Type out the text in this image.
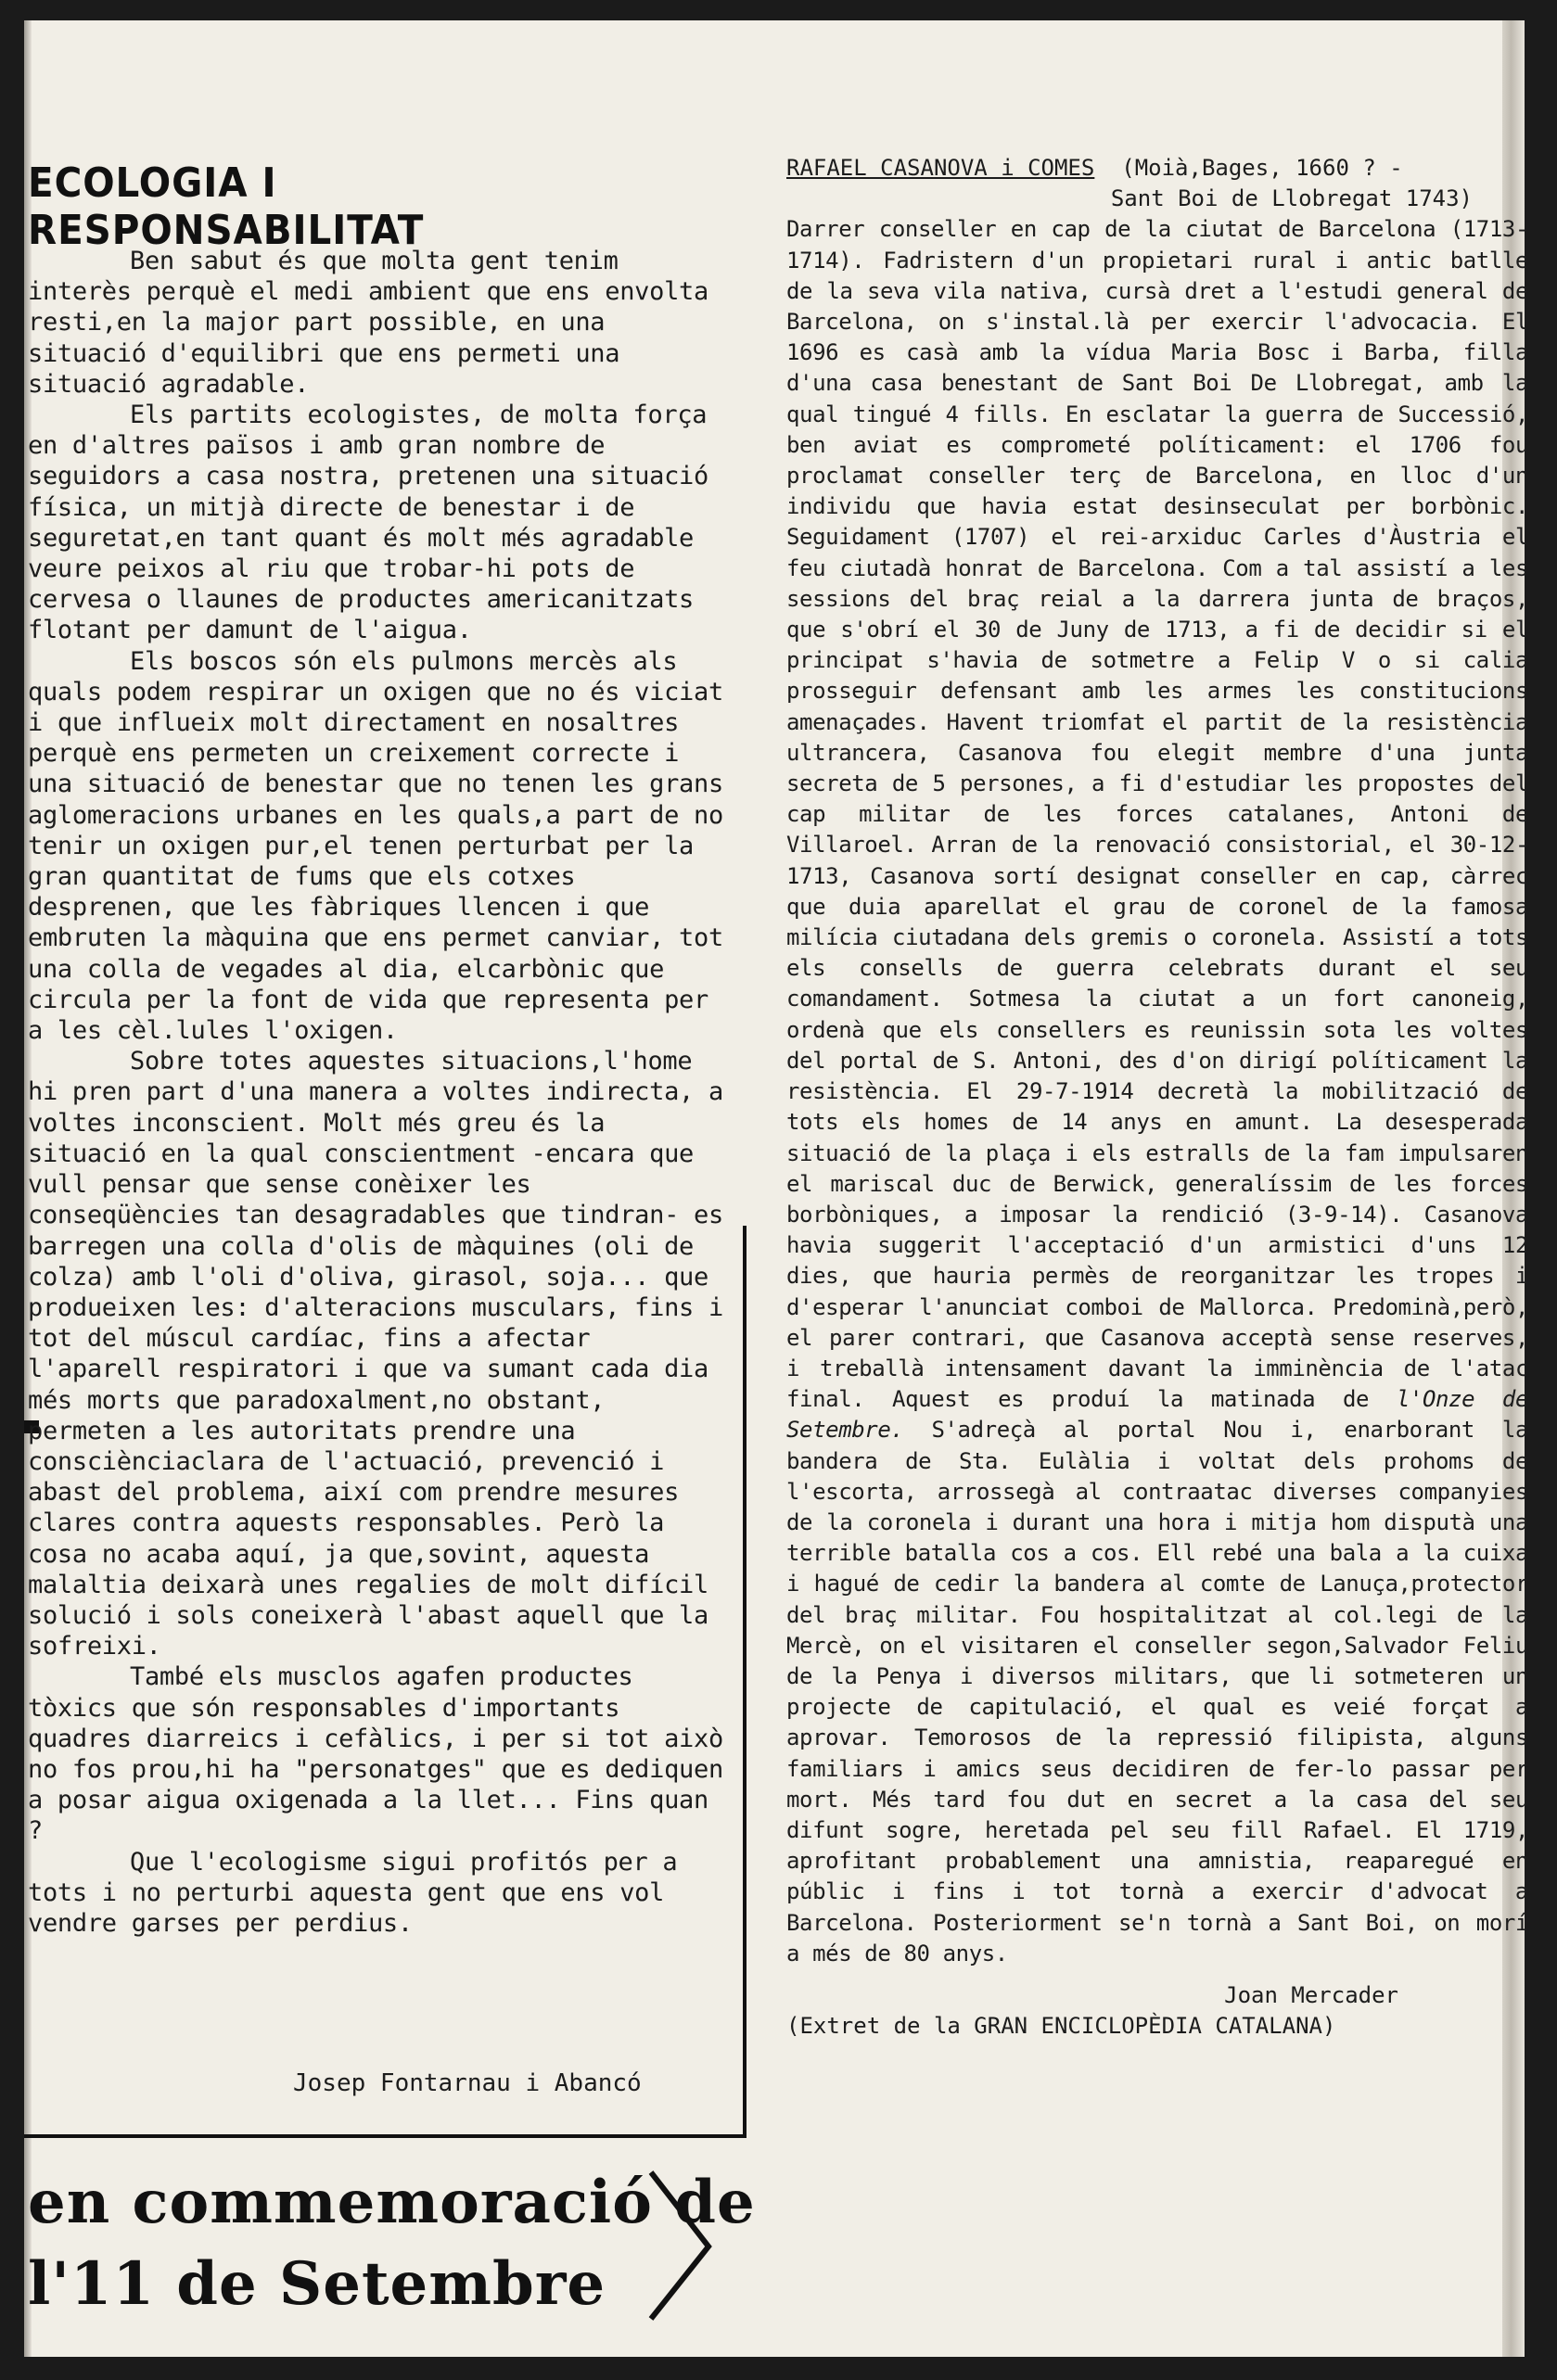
ECOLOGIA I RESPONSABILITAT

Ben sabut és que molta gent tenim interès perquè el medi ambient que ens envolta resti,en la major part possible, en una situació d'equilibri que ens permeti una situació agradable.

Els partits ecologistes, de molta força en d'altres països i amb gran nombre de seguidors a casa nostra, pretenen una situació física, un mitjà directe de benestar i de seguretat,en tant quant és molt més agradable veure peixos al riu que trobar-hi pots de cervesa o llaunes de productes americanitzats flotant per damunt de l'aigua.

Els boscos són els pulmons mercès als quals podem respirar un oxigen que no és viciat i que influeix molt directament en nosaltres perquè ens permeten un creixement correcte i una situació de benestar que no tenen les grans aglomeracions urbanes en les quals,a part de no tenir un oxigen pur,el tenen perturbat per la gran quantitat de fums que els cotxes desprenen, que les fàbriques llencen i que embruten la màquina que ens permet canviar, tot una colla de vegades al dia, elcarbònic que circula per la font de vida que representa per a les cèl.lules l'oxigen.

Sobre totes aquestes situacions,l'home hi pren part d'una manera a voltes indirecta, a voltes inconscient. Molt més greu és la situació en la qual conscientment -encara que vull pensar que sense conèixer les conseqüències tan desagradables que tindran- es barregen una colla d'olis de màquines (oli de colza) amb l'oli d'oliva, girasol, soja... que produeixen les: d'alteracions musculars, fins i tot del múscul cardíac, fins a afectar l'aparell respiratori i que va sumant cada dia més morts que paradoxalment,no obstant, permeten a les autoritats prendre una consciènciaclara de l'actuació, prevenció i abast del problema, així com prendre mesures clares contra aquests responsables. Però la cosa no acaba aquí, ja que,sovint, aquesta malaltia deixarà unes regalies de molt difícil solució i sols coneixerà l'abast aquell que la sofreixi.

També els musclos agafen productes tòxics que són responsables d'importants quadres diarreics i cefàlics, i per si tot això no fos prou,hi ha "personatges" que es dediquen a posar aigua oxigenada a la llet... Fins quan ?

Que l'ecologisme sigui profitós per a tots i no perturbi aquesta gent que ens vol vendre garses per perdius.

Josep Fontarnau i Abancó
en commemoració de
l'11 de Setembre
RAFAEL CASANOVA i COMES (Moià,Bages, 1660 ? -
Sant Boi de Llobregat 1743)

Darrer conseller en cap de la ciutat de Barcelona (1713-1714). Fadristern d'un propietari rural i antic batlle de la seva vila nativa, cursà dret a l'estudi general de Barcelona, on s'instal.là per exercir l'advocacia. El 1696 es casà amb la vídua Maria Bosc i Barba, filla d'una casa benestant de Sant Boi De Llobregat, amb la qual tingué 4 fills. En esclatar la guerra de Successió, ben aviat es comprometé políticament: el 1706 fou proclamat conseller terç de Barcelona, en lloc d'un individu que havia estat desinseculat per borbònic. Seguidament (1707) el rei-arxiduc Carles d'Àustria el feu ciutadà honrat de Barcelona. Com a tal assistí a les sessions del braç reial a la darrera junta de braços, que s'obrí el 30 de Juny de 1713, a fi de decidir si el principat s'havia de sotmetre a Felip V o si calia prosseguir defensant amb les armes les constitucions amenaçades. Havent triomfat el partit de la resistència ultrancera, Casanova fou elegit membre d'una junta secreta de 5 persones, a fi d'estudiar les propostes del cap militar de les forces catalanes, Antoni de Villaroel. Arran de la renovació consistorial, el 30-12-1713, Casanova sortí designat conseller en cap, càrrec que duia aparellat el grau de coronel de la famosa milícia ciutadana dels gremis o coronela. Assistí a tots els consells de guerra celebrats durant el seu comandament. Sotmesa la ciutat a un fort canoneig, ordenà que els consellers es reunissin sota les voltes del portal de S. Antoni, des d'on dirigí políticament la resistència. El 29-7-1914 decretà la mobilització de tots els homes de 14 anys en amunt. La desesperada situació de la plaça i els estralls de la fam impulsaren el mariscal duc de Berwick, generalíssim de les forces borbòniques, a imposar la rendició (3-9-14). Casanova havia suggerit l'acceptació d'un armistici d'uns 12 dies, que hauria permès de reorganitzar les tropes i d'esperar l'anunciat comboi de Mallorca. Predominà,però, el parer contrari, que Casanova acceptà sense reserves, i treballà intensament davant la imminència de l'atac final. Aquest es produí la matinada de l'Onze de Setembre. S'adreçà al portal Nou i, enarborant la bandera de Sta. Eulàlia i voltat dels prohoms de l'escorta, arrossegà al contraatac diverses companyies de la coronela i durant una hora i mitja hom disputà una terrible batalla cos a cos. Ell rebé una bala a la cuixa i hagué de cedir la bandera al comte de Lanuça,protector del braç militar. Fou hospitalitzat al col.legi de la Mercè, on el visitaren el conseller segon,Salvador Feliu de la Penya i diversos militars, que li sotmeteren un projecte de capitulació, el qual es veié forçat a aprovar. Temorosos de la repressió filipista, alguns familiars i amics seus decidiren de fer-lo passar per mort. Més tard fou dut en secret a la casa del seu difunt sogre, heretada pel seu fill Rafael. El 1719, aprofitant probablement una amnistia, reaparegué en públic i fins i tot tornà a exercir d'advocat a Barcelona. Posteriorment se'n tornà a Sant Boi, on morí a més de 80 anys.

Joan Mercader
(Extret de la GRAN ENCICLOPÈDIA CATALANA)
